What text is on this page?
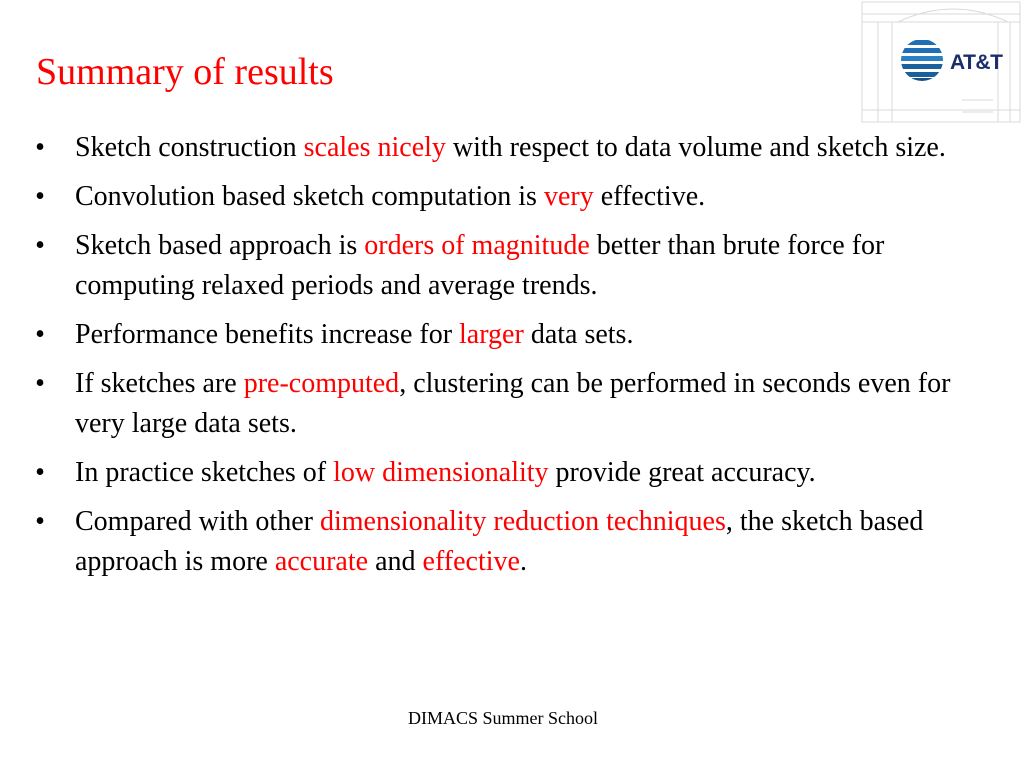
AT&T
Summary of results
• Sketch construction scales nicely with respect to data volume and sketch size.
• Convolution based sketch computation is very effective.
• Sketch based approach is orders of magnitude better than brute force for computing relaxed periods and average trends.
• Performance benefits increase for larger data sets.
• If sketches are pre-computed, clustering can be performed in seconds even for very large data sets.
• In practice sketches of low dimensionality provide great accuracy.
• Compared with other dimensionality reduction techniques, the sketch based approach is more accurate and effective.
DIMACS Summer School
